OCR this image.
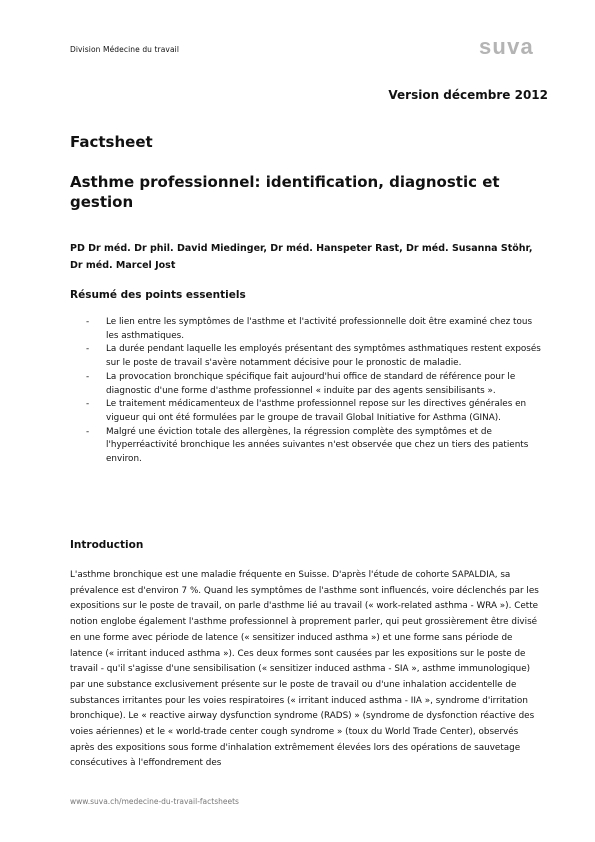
Division Médecine du travail	suva
Version décembre 2012
Factsheet
Asthme professionnel: identification, diagnostic et gestion
PD Dr méd. Dr phil. David Miedinger, Dr méd. Hanspeter Rast, Dr méd. Susanna Stöhr, Dr méd. Marcel Jost
Résumé des points essentiels
- Le lien entre les symptômes de l'asthme et l'activité professionnelle doit être examiné chez tous les asthmatiques.
- La durée pendant laquelle les employés présentant des symptômes asthmatiques restent exposés sur le poste de travail s'avère notamment décisive pour le pronostic de maladie.
- La provocation bronchique spécifique fait aujourd'hui office de standard de référence pour le diagnostic d'une forme d'asthme professionnel « induite par des agents sensibilisants ».
- Le traitement médicamenteux de l'asthme professionnel repose sur les directives générales en vigueur qui ont été formulées par le groupe de travail Global Initiative for Asthma (GINA).
- Malgré une éviction totale des allergènes, la régression complète des symptômes et de l'hyperréactivité bronchique les années suivantes n'est observée que chez un tiers des patients environ.
Introduction

L'asthme bronchique est une maladie fréquente en Suisse. D'après l'étude de cohorte SAPALDIA, sa prévalence est d'environ 7 %. Quand les symptômes de l'asthme sont influencés, voire déclenchés par les expositions sur le poste de travail, on parle d'asthme lié au travail (« work-related asthma - WRA »). Cette notion englobe également l'asthme professionnel à proprement parler, qui peut grossièrement être divisé en une forme avec période de latence (« sensitizer induced asthma ») et une forme sans période de latence (« irritant induced asthma »). Ces deux formes sont causées par les expositions sur le poste de travail - qu'il s'agisse d'une sensibilisation (« sensitizer induced asthma - SIA », asthme immunologique) par une substance exclusivement présente sur le poste de travail ou d'une inhalation accidentelle de substances irritantes pour les voies respiratoires (« irritant induced asthma - IIA », syndrome d'irritation bronchique). Le « reactive airway dysfunction syndrome (RADS) » (syndrome de dysfonction réactive des voies aériennes) et le « world-trade center cough syndrome » (toux du World Trade Center), observés après des expositions sous forme d'inhalation extrêmement élevées lors des opérations de sauvetage consécutives à l'effondrement des

www.suva.ch/medecine-du-travail-factsheets
